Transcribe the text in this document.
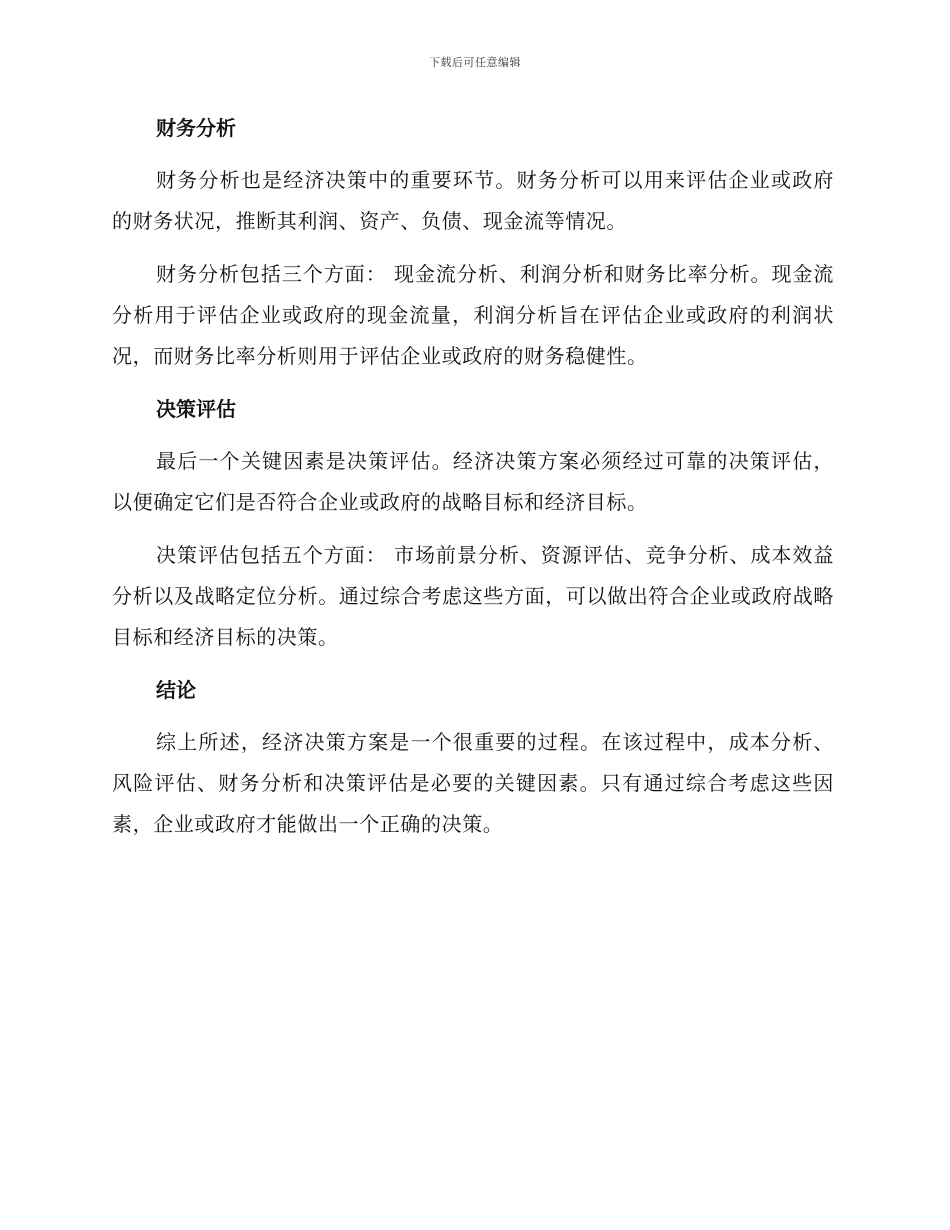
下载后可任意编辑
财务分析

财务分析也是经济决策中的重要环节。财务分析可以用来评估企业或政府的财务状况，推断其利润、资产、负债、现金流等情况。

财务分析包括三个方面： 现金流分析、利润分析和财务比率分析。现金流分析用于评估企业或政府的现金流量，利润分析旨在评估企业或政府的利润状况，而财务比率分析则用于评估企业或政府的财务稳健性。

决策评估

最后一个关键因素是决策评估。经济决策方案必须经过可靠的决策评估，以便确定它们是否符合企业或政府的战略目标和经济目标。

决策评估包括五个方面： 市场前景分析、资源评估、竞争分析、成本效益分析以及战略定位分析。通过综合考虑这些方面，可以做出符合企业或政府战略目标和经济目标的决策。

结论

综上所述，经济决策方案是一个很重要的过程。在该过程中，成本分析、风险评估、财务分析和决策评估是必要的关键因素。只有通过综合考虑这些因素，企业或政府才能做出一个正确的决策。
